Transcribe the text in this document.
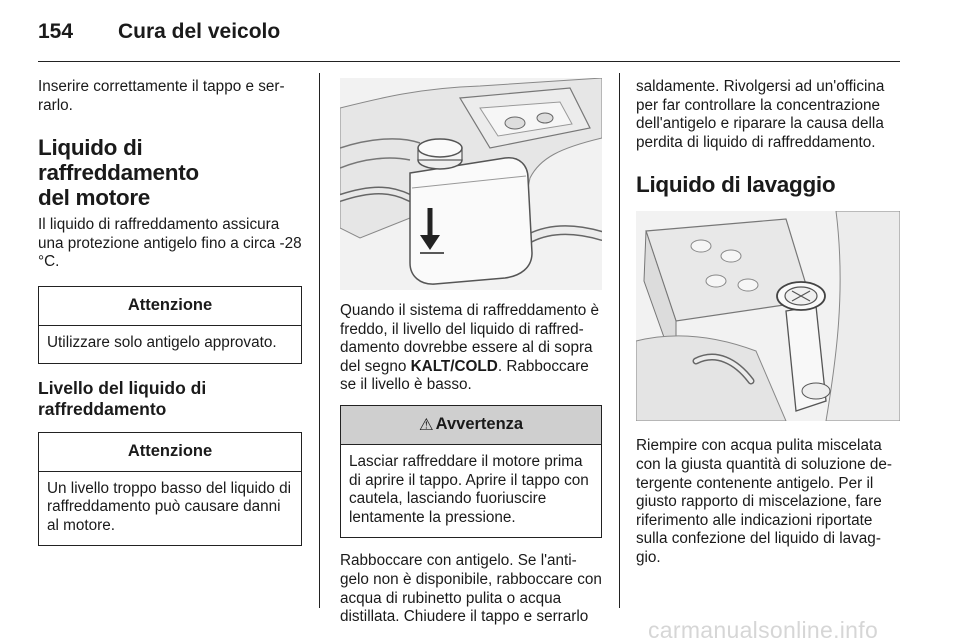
154 Cura del veicolo

Inserire correttamente il tappo e ser- rarlo.

Liquido di raffreddamento
del motore

Il liquido di raffreddamento assicura una protezione antigelo fino a circa -28 °C.

Attenzione
Utilizzare solo antigelo approvato.
Livello del liquido di
raffreddamento
Attenzione
Un livello troppo basso del liquido di raffreddamento può causare danni al motore.

Quando il sistema di raffreddamento è freddo, il livello del liquido di raffred- damento dovrebbe essere al di sopra del segno KALT/COLD. Rabboccare se il livello è basso.

⚠ Avvertenza
Lasciar raffreddare il motore prima di aprire il tappo. Aprire il tappo con cautela, lasciando fuoriuscire lentamente la pressione.

Rabboccare con antigelo. Se l'anti- gelo non è disponibile, rabboccare con acqua di rubinetto pulita o acqua distillata. Chiudere il tappo e serrarlo

saldamente. Rivolgersi ad un'officina per far controllare la concentrazione dell'antigelo e riparare la causa della perdita di liquido di raffreddamento.

Liquido di lavaggio

Riempire con acqua pulita miscelata con la giusta quantità di soluzione de- tergente contenente antigelo. Per il giusto rapporto di miscelazione, fare riferimento alle indicazioni riportate sulla confezione del liquido di lavag- gio.

carmanualsonline.info
